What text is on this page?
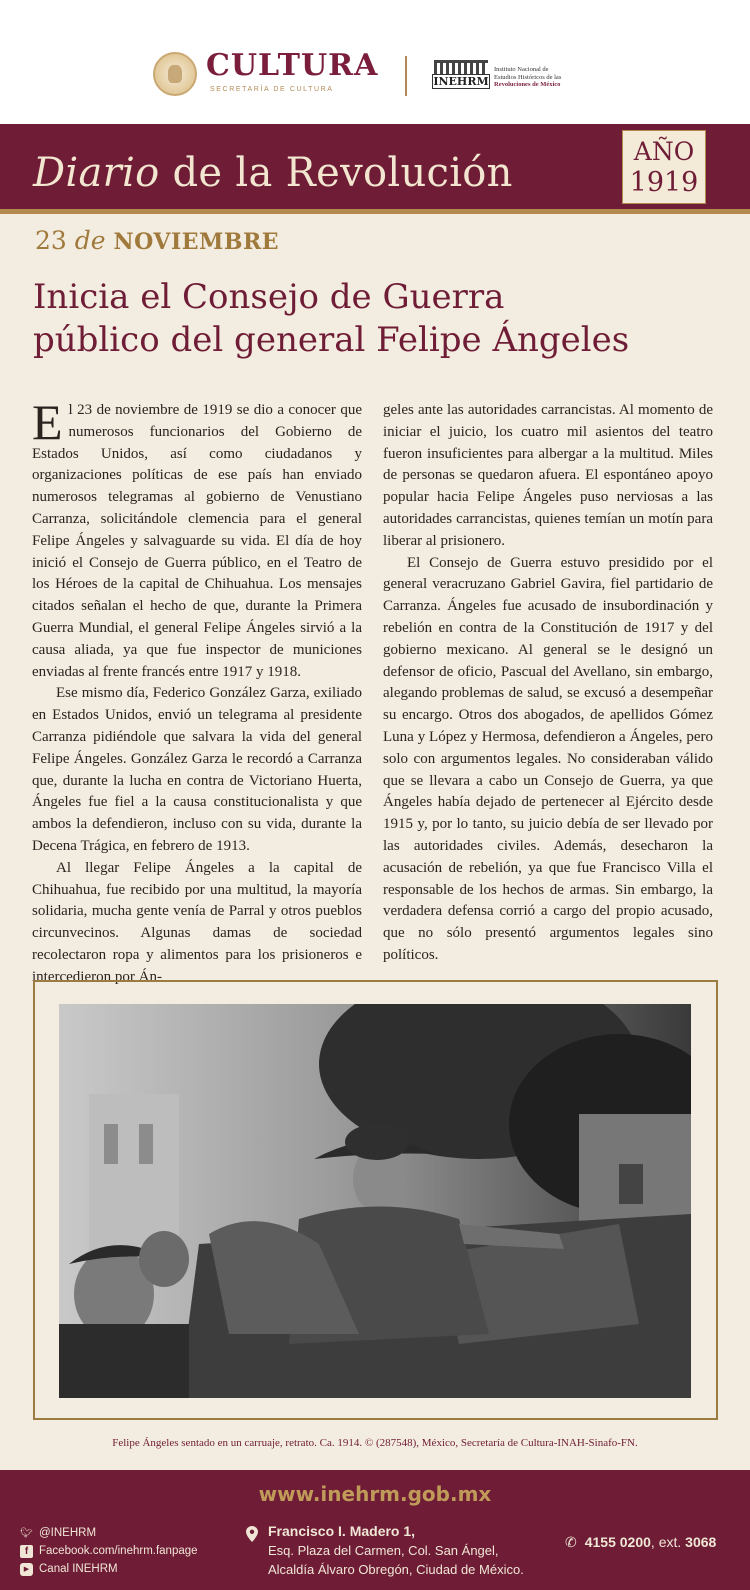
CULTURA
SECRETARÍA DE CULTURA
INEHRM
Instituto Nacional de
Estudios Históricos de las
Revoluciones de México
Diario de la Revolución	AÑO
1919
23 de NOVIEMBRE
Inicia el Consejo de Guerra
público del general Felipe Ángeles

El 23 de noviembre de 1919 se dio a conocer que numerosos funcionarios del Gobierno de Estados Unidos, así como ciudadanos y organizaciones políticas de ese país han enviado numerosos telegramas al gobierno de Venustiano Carranza, solicitándole clemencia para el general Felipe Ángeles y salvaguarde su vida. El día de hoy inició el Consejo de Guerra público, en el Teatro de los Héroes de la capital de Chihuahua. Los mensajes citados señalan el hecho de que, durante la Primera Guerra Mundial, el general Felipe Ángeles sirvió a la causa aliada, ya que fue inspector de municiones enviadas al frente francés entre 1917 y 1918.

Ese mismo día, Federico González Garza, exiliado en Estados Unidos, envió un telegrama al presidente Carranza pidiéndole que salvara la vida del general Felipe Ángeles. González Garza le recordó a Carranza que, durante la lucha en contra de Victoriano Huerta, Ángeles fue fiel a la causa constitucionalista y que ambos la defendieron, incluso con su vida, durante la Decena Trágica, en febrero de 1913.

Al llegar Felipe Ángeles a la capital de Chihuahua, fue recibido por una multitud, la mayoría solidaria, mucha gente venía de Parral y otros pueblos circunvecinos. Algunas damas de sociedad recolectaron ropa y alimentos para los prisioneros e intercedieron por Án-

geles ante las autoridades carrancistas. Al momento de iniciar el juicio, los cuatro mil asientos del teatro fueron insuficientes para albergar a la multitud. Miles de personas se quedaron afuera. El espontáneo apoyo popular hacia Felipe Ángeles puso nerviosas a las autoridades carrancistas, quienes temían un motín para liberar al prisionero.

El Consejo de Guerra estuvo presidido por el general veracruzano Gabriel Gavira, fiel partidario de Carranza. Ángeles fue acusado de insubordinación y rebelión en contra de la Constitución de 1917 y del gobierno mexicano. Al general se le designó un defensor de oficio, Pascual del Avellano, sin embargo, alegando problemas de salud, se excusó a desempeñar su encargo. Otros dos abogados, de apellidos Gómez Luna y López y Hermosa, defendieron a Ángeles, pero solo con argumentos legales. No consideraban válido que se llevara a cabo un Consejo de Guerra, ya que Ángeles había dejado de pertenecer al Ejército desde 1915 y, por lo tanto, su juicio debía de ser llevado por las autoridades civiles. Además, desecharon la acusación de rebelión, ya que fue Francisco Villa el responsable de los hechos de armas. Sin embargo, la verdadera defensa corrió a cargo del propio acusado, que no sólo presentó argumentos legales sino políticos.

Felipe Ángeles sentado en un carruaje, retrato. Ca. 1914. © (287548), México, Secretaría de Cultura-INAH-Sinafo-FN.
www.inehrm.gob.mx
🐦︎ @INEHRM
f Facebook.com/inehrm.fanpage
▶ Canal INEHRM
Francisco I. Madero 1,
Esq. Plaza del Carmen, Col. San Ángel,
Alcaldía Álvaro Obregón, Ciudad de México.
✆ 4155 0200, ext. 3068
